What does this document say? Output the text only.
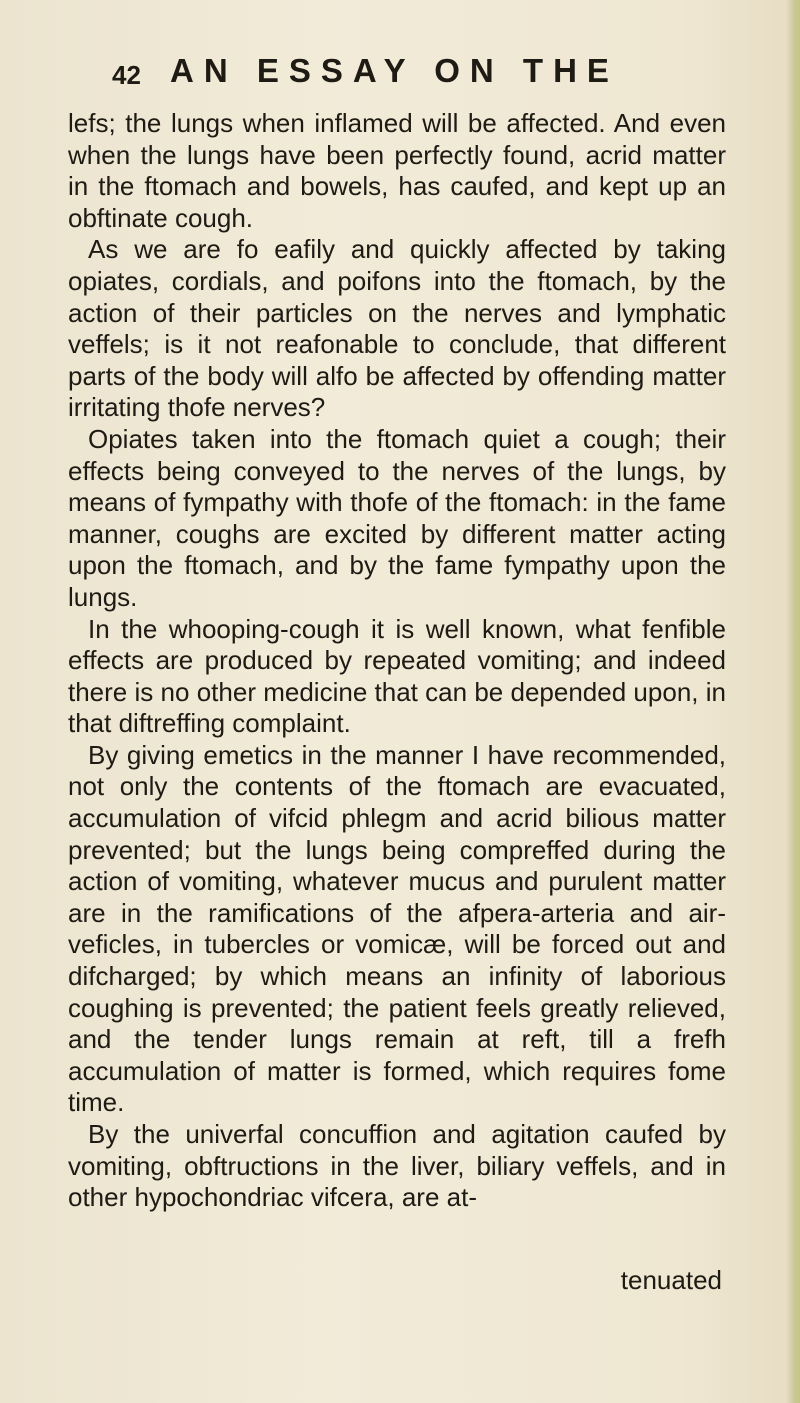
42 AN ESSAY ON THE

lefs; the lungs when inflamed will be affected. And even when the lungs have been perfectly found, acrid matter in the ftomach and bowels, has caufed, and kept up an obftinate cough.

As we are fo eafily and quickly affected by taking opiates, cordials, and poifons into the ftomach, by the action of their particles on the nerves and lymphatic veffels; is it not reafonable to conclude, that different parts of the body will alfo be affected by offending matter irritating thofe nerves?

Opiates taken into the ftomach quiet a cough; their effects being conveyed to the nerves of the lungs, by means of fympathy with thofe of the ftomach: in the fame manner, coughs are excited by different matter acting upon the ftomach, and by the fame fympathy upon the lungs.

In the whooping-cough it is well known, what fenfible effects are produced by repeated vomiting; and indeed there is no other medicine that can be depended upon, in that diftreffing complaint.

By giving emetics in the manner I have recommended, not only the contents of the ftomach are evacuated, accumulation of vifcid phlegm and acrid bilious matter prevented; but the lungs being compreffed during the action of vomiting, whatever mucus and purulent matter are in the ramifications of the afpera-arteria and air-veficles, in tubercles or vomicæ, will be forced out and difcharged; by which means an infinity of laborious coughing is prevented; the patient feels greatly relieved, and the tender lungs remain at reft, till a frefh accumulation of matter is formed, which requires fome time.

By the univerfal concuffion and agitation caufed by vomiting, obftructions in the liver, biliary veffels, and in other hypochondriac vifcera, are at-

tenuated
